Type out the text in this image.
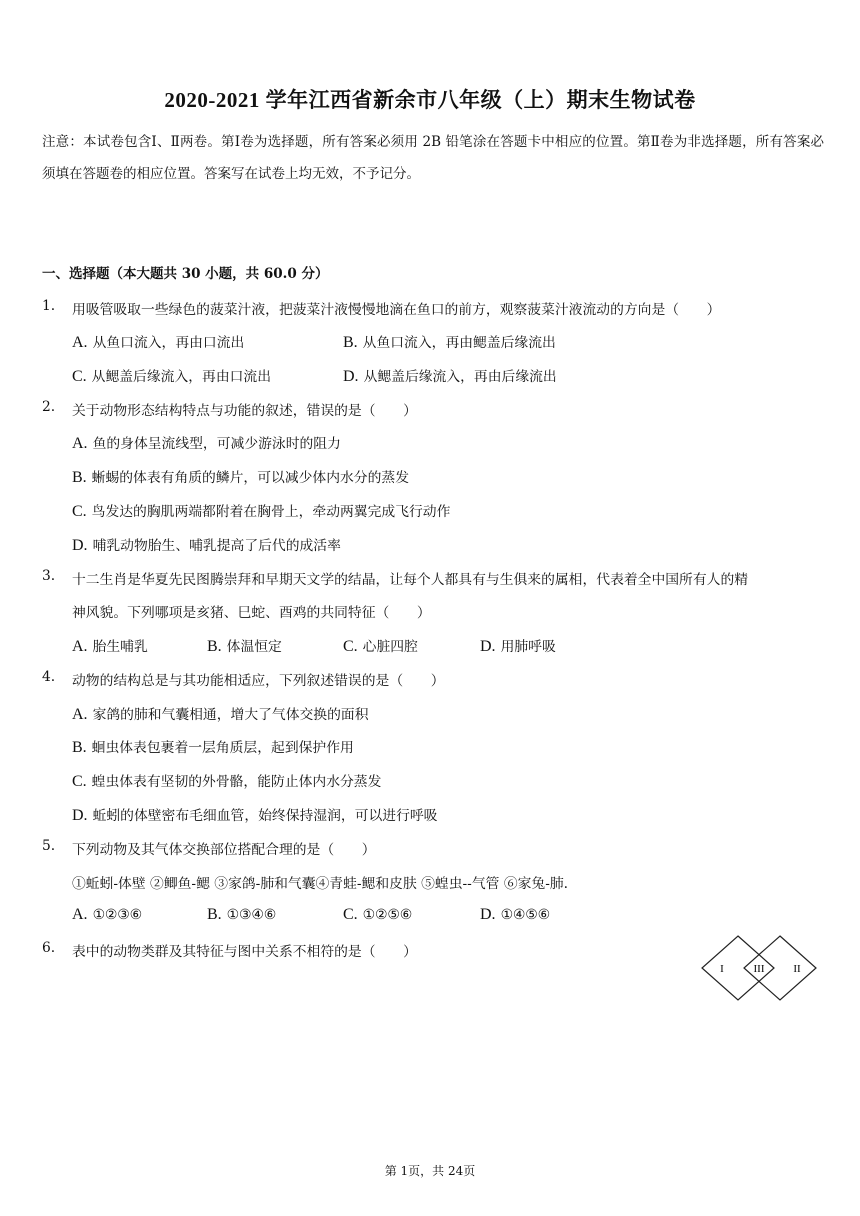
2020-2021 学年江西省新余市八年级（上）期末生物试卷
注意：本试卷包含Ⅰ、Ⅱ两卷。第Ⅰ卷为选择题，所有答案必须用 2B 铅笔涂在答题卡中相应的位置。第Ⅱ卷为非选择题，所有答案必须填在答题卷的相应位置。答案写在试卷上均无效，不予记分。
一、选择题（本大题共 30 小题，共 60.0 分）
1. 用吸管吸取一些绿色的菠菜汁液，把菠菜汁液慢慢地滴在鱼口的前方，观察菠菜汁液流动的方向是（　　）
A. 从鱼口流入，再由口流出	B. 从鱼口流入，再由鳃盖后缘流出
C. 从鳃盖后缘流入，再由口流出	D. 从鳃盖后缘流入，再由后缘流出
2. 关于动物形态结构特点与功能的叙述，错误的是（　　）
A. 鱼的身体呈流线型，可减少游泳时的阻力
B. 蜥蜴的体表有角质的鳞片，可以减少体内水分的蒸发
C. 鸟发达的胸肌两端都附着在胸骨上，牵动两翼完成飞行动作
D. 哺乳动物胎生、哺乳提高了后代的成活率
3. 十二生肖是华夏先民图腾崇拜和早期天文学的结晶，让每个人都具有与生俱来的属相，代表着全中国所有人的精
神风貌。下列哪项是亥猪、巳蛇、酉鸡的共同特征（　　）
A. 胎生哺乳	B. 体温恒定	C. 心脏四腔	D. 用肺呼吸
4. 动物的结构总是与其功能相适应，下列叙述错误的是（　　）
A. 家鸽的肺和气囊相通，增大了气体交换的面积
B. 蛔虫体表包裹着一层角质层，起到保护作用
C. 蝗虫体表有坚韧的外骨骼，能防止体内水分蒸发
D. 蚯蚓的体壁密布毛细血管，始终保持湿润，可以进行呼吸
5. 下列动物及其气体交换部位搭配合理的是（　　）
①蚯蚓-体壁 ②鲫鱼-鳃 ③家鸽-肺和气囊④青蛙-鳃和皮肤 ⑤蝗虫--气管 ⑥家兔-肺.
A. ①②③⑥	B. ①③④⑥	C. ①②⑤⑥	D. ①④⑤⑥
6. 表中的动物类群及其特征与图中关系不相符的是（　　）
I	III	II
第 1页，共 24页
